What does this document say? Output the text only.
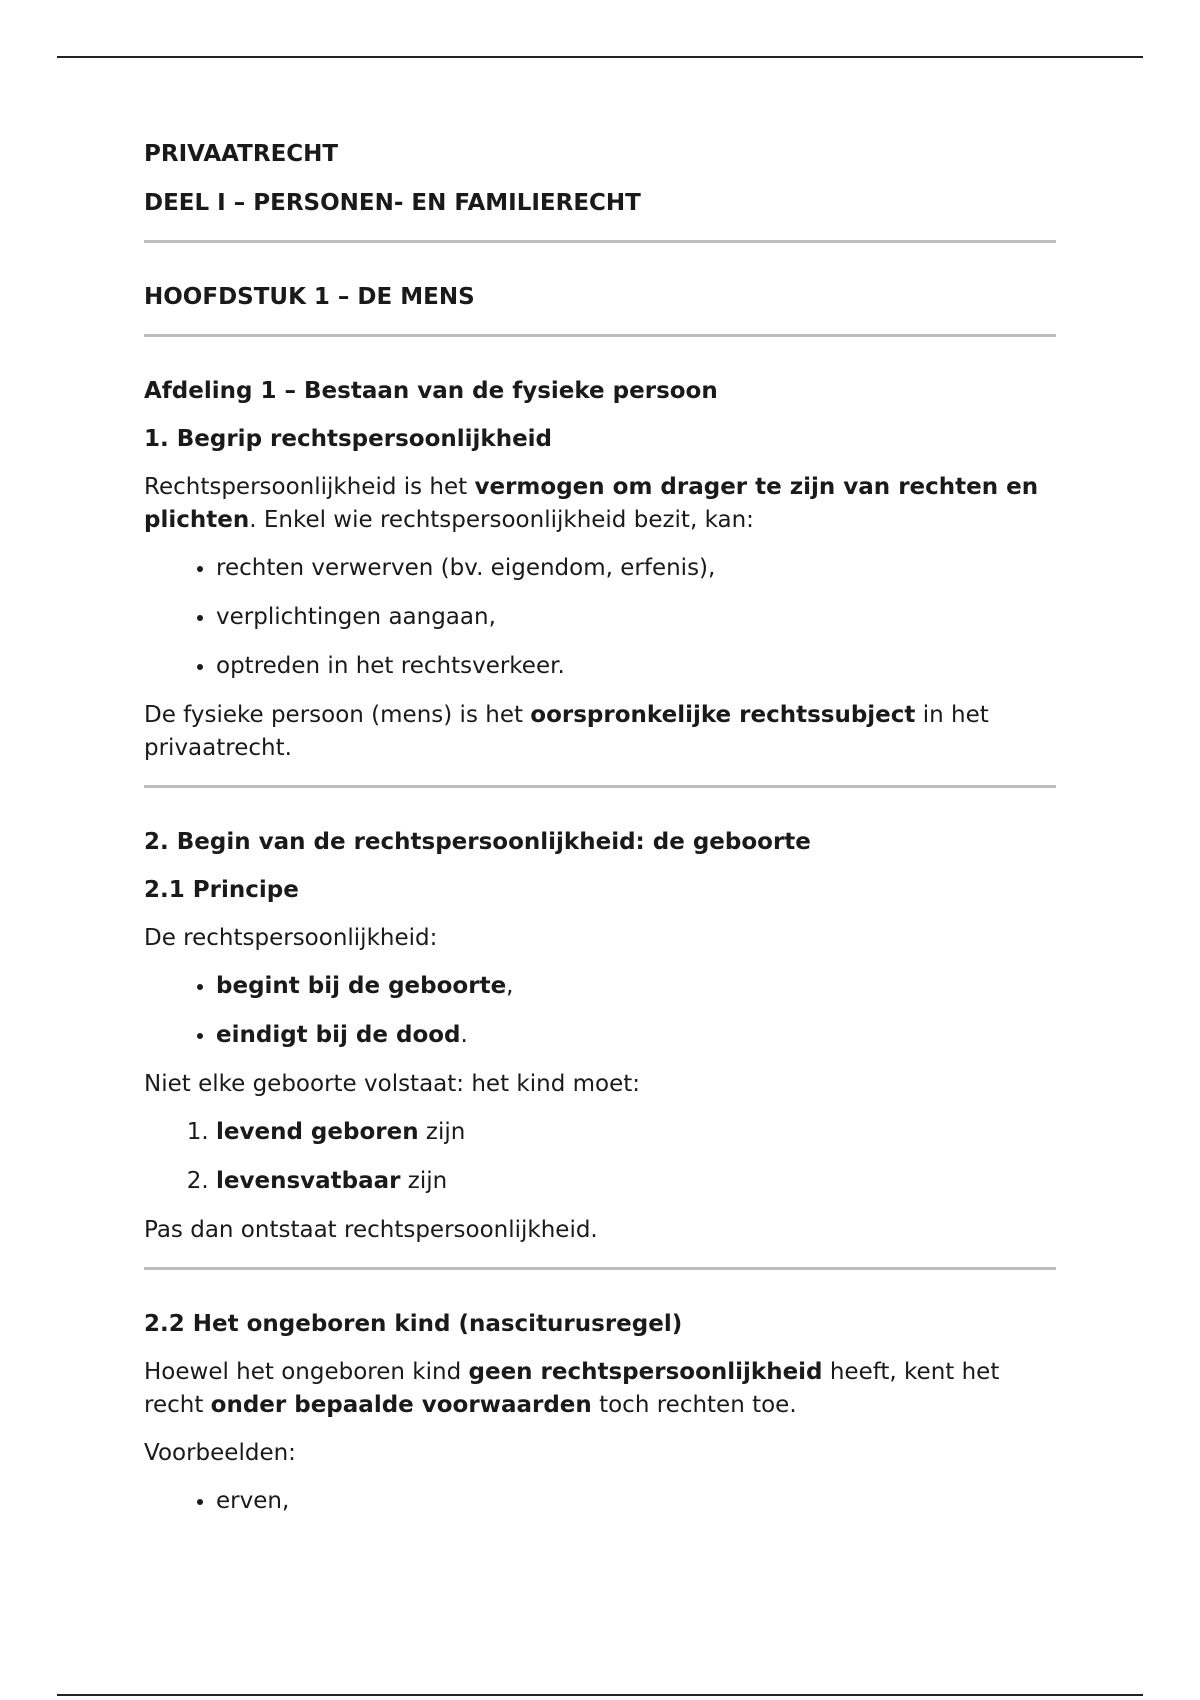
PRIVAATRECHT
DEEL I – PERSONEN- EN FAMILIERECHT
HOOFDSTUK 1 – DE MENS
Afdeling 1 – Bestaan van de fysieke persoon
1. Begrip rechtspersoonlijkheid

Rechtspersoonlijkheid is het vermogen om drager te zijn van rechten en plichten. Enkel wie rechtspersoonlijkheid bezit, kan:

• rechten verwerven (bv. eigendom, erfenis),
• verplichtingen aangaan,
• optreden in het rechtsverkeer.

De fysieke persoon (mens) is het oorspronkelijke rechtssubject in het privaatrecht.

2. Begin van de rechtspersoonlijkheid: de geboorte
2.1 Principe

De rechtspersoonlijkheid:

• begint bij de geboorte,
• eindigt bij de dood.

Niet elke geboorte volstaat: het kind moet:

1. levend geboren zijn
2. levensvatbaar zijn

Pas dan ontstaat rechtspersoonlijkheid.

2.2 Het ongeboren kind (nasciturusregel)

Hoewel het ongeboren kind geen rechtspersoonlijkheid heeft, kent het recht onder bepaalde voorwaarden toch rechten toe.

Voorbeelden:

• erven,
